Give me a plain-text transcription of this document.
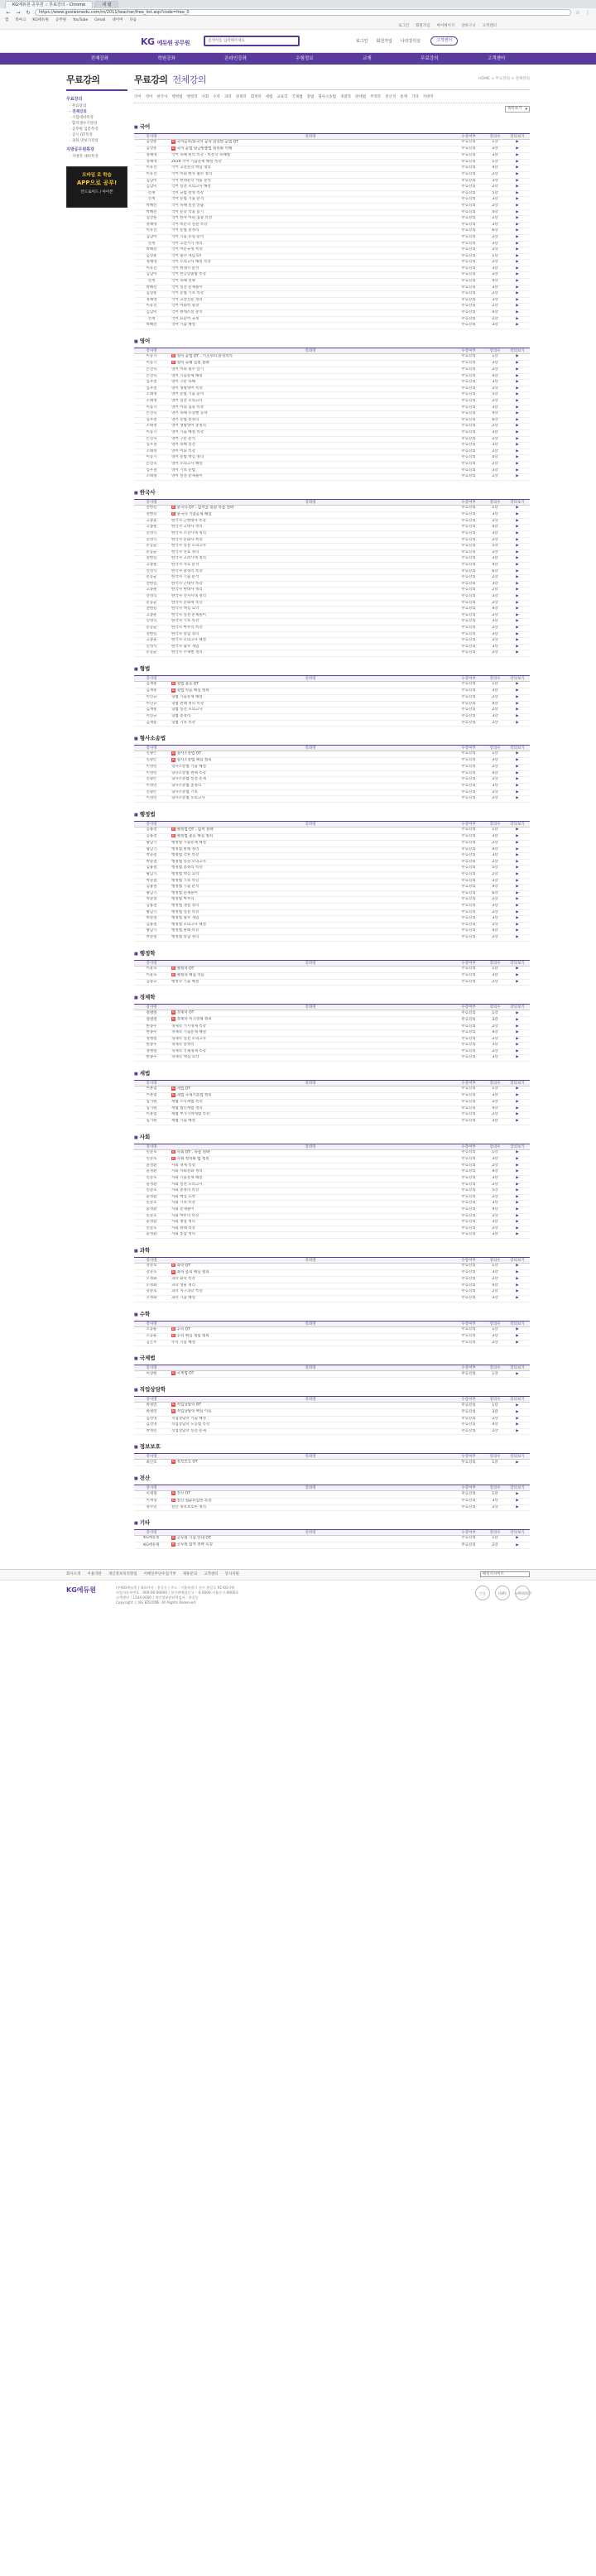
KG에듀원 공무원 :: 무료강의 - Chrome	새 탭
← → ↻	https://www.gosiwonedu.com/m/2011/teacher/free_list.asp?code=free_0	☆ ⋮
앱 북마크 KG에듀원 공무원 YouTube Gmail 네이버 다음
로그인 회원가입 마이페이지 장바구니 고객센터
KG 에듀원 공무원	검색어를 입력해주세요	로그인 회원가입 나의강의실	고객센터
전체강좌	학원강좌	온라인강좌	수험정보	교재	무료강의	고객센터
무료강의
무료강의
· 무료강의
· 전체강의
· 시험대비특강
· 합격생수기영상
· 공무원 입문특강
· 공시 OT특강
· 과목 맛보기강의
지방공무원특강
· 지방직 대비특강
모바일 로 학습
APP으로 공부!
안드로이드 / 아이폰
무료강의 전체강의	HOME > 무료강의 > 전체강의
국어 영어 한국사 행정법 행정학 사회 수학 과학 경제학 회계학 세법 교육학 국제법 형법 형사소송법 경찰학 관세법 무역학 전산직 통계 기타 지방직
목록보기 ▾
■ 국어
강사명	강좌명	수강여부	강의수	강의보기
김상훈	N 국어문학/한국어 문학 완성반 문법 OT	무료강의	1강	▶
김상훈	N 국어 문법 한글맞춤법 원리와 이해	무료강의	2강	▶
정채영	국어 독해 원리 특강 - 비문학 독해법	무료강의	3강	▶
정채영	2019 국어 기출문제 해설 특강	무료강의	1강	▶
이유진	국어 고전문학 핵심 정리	무료강의	4강	▶
이유진	국어 어휘 한자 필수 정리	무료강의	2강	▶
김남미	국어 현대문학 작품 분석	무료강의	3강	▶
김남미	국어 실전 모의고사 해설	무료강의	2강	▶
선재	국어 규범 완성 특강	무료강의	5강	▶
선재	국어 문법 기출 분석	무료강의	3강	▶
박혜선	국어 독해 실전 연습	무료강의	2강	▶
박혜선	국어 문학 작품 읽기	무료강의	4강	▶
김상훈	국어 한자 어휘 집중 특강	무료강의	2강	▶
정채영	국어 비문학 실전 특강	무료강의	3강	▶
이유진	국어 문법 총정리	무료강의	6강	▶
김남미	국어 기출 유형 분석	무료강의	2강	▶
선재	국어 고전시가 정리	무료강의	3강	▶
박혜선	국어 어문규정 특강	무료강의	2강	▶
김상훈	국어 필수 개념 OT	무료강의	1강	▶
정채영	국어 모의고사 해설 특강	무료강의	2강	▶
이유진	국어 현대시 분석	무료강의	3강	▶
김남미	국어 한글맞춤법 특강	무료강의	2강	▶
선재	국어 독해 전략	무료강의	4강	▶
박혜선	국어 실전 문제풀이	무료강의	3강	▶
김상훈	국어 문법 기초 특강	무료강의	2강	▶
정채영	국어 고전산문 정리	무료강의	3강	▶
이유진	국어 어휘력 향상	무료강의	2강	▶
김남미	국어 현대소설 분석	무료강의	4강	▶
선재	국어 표준어 규정	무료강의	2강	▶
박혜선	국어 기출 해설	무료강의	3강	▶
■ 영어
강사명	강좌명	수강여부	강의수	강의보기
이동기	N 영어 문법 OT - 기초부터 완성까지	무료강의	1강	▶
이동기	N 영어 독해 실전 전략	무료강의	3강	▶
손진숙	영어 어휘 필수 암기	무료강의	2강	▶
손진숙	영어 기출문제 해설	무료강의	4강	▶
심우철	영어 구문 독해	무료강의	3강	▶
심우철	영어 생활영어 특강	무료강의	2강	▶
조태정	영어 문법 기출 분석	무료강의	5강	▶
조태정	영어 실전 모의고사	무료강의	2강	▶
이동기	영어 어휘 집중 특강	무료강의	3강	▶
손진숙	영어 독해 유형별 공략	무료강의	4강	▶
심우철	영어 문법 총정리	무료강의	6강	▶
조태정	영어 생활영어 총정리	무료강의	2강	▶
이동기	영어 기출 해설 특강	무료강의	3강	▶
손진숙	영어 구문 분석	무료강의	2강	▶
심우철	영어 독해 실전	무료강의	3강	▶
조태정	영어 어휘 특강	무료강의	2강	▶
이동기	영어 문법 핵심 정리	무료강의	4강	▶
손진숙	영어 모의고사 해설	무료강의	2강	▶
심우철	영어 기초 문법	무료강의	3강	▶
조태정	영어 실전 문제풀이	무료강의	2강	▶
■ 한국사
강사명	강좌명	수강여부	강의수	강의보기
전한길	N 한국사 OT - 합격을 위한 학습 전략	무료강의	1강	▶
전한길	N 한국사 기출문제 해설	무료강의	3강	▶
고종훈	한국사 근현대사 특강	무료강의	2강	▶
고종훈	한국사 고대사 정리	무료강의	4강	▶
신영식	한국사 조선시대 정리	무료강의	3강	▶
신영식	한국사 문화사 특강	무료강의	2강	▶
문동균	한국사 실전 모의고사	무료강의	5강	▶
문동균	한국사 연표 정리	무료강의	2강	▶
전한길	한국사 고려시대 정리	무료강의	3강	▶
고종훈	한국사 사료 분석	무료강의	4강	▶
신영식	한국사 총정리 특강	무료강의	6강	▶
문동균	한국사 기출 분석	무료강의	2강	▶
전한길	한국사 근대사 특강	무료강의	3강	▶
고종훈	한국사 현대사 정리	무료강의	2강	▶
신영식	한국사 선사시대 정리	무료강의	3강	▶
문동균	한국사 문화재 특강	무료강의	2강	▶
전한길	한국사 핵심 요약	무료강의	4강	▶
고종훈	한국사 실전 문제풀이	무료강의	2강	▶
신영식	한국사 기초 특강	무료강의	3강	▶
문동균	한국사 마무리 특강	무료강의	2강	▶
전한길	한국사 통합 정리	무료강의	3강	▶
고종훈	한국사 모의고사 해설	무료강의	2강	▶
신영식	한국사 필수 개념	무료강의	3강	▶
문동균	한국사 주제별 정리	무료강의	2강	▶
■ 형법
강사명	강좌명	수강여부	강의수	강의보기
김재훈	N 형법 총론 OT	무료강의	1강	▶
김재훈	N 형법 각론 핵심 정리	무료강의	3강	▶
이인규	형법 기출문제 해설	무료강의	2강	▶
이인규	형법 판례 정리 특강	무료강의	4강	▶
김재훈	형법 실전 모의고사	무료강의	2강	▶
이인규	형법 총정리	무료강의	3강	▶
김재훈	형법 기초 특강	무료강의	2강	▶
■ 형사소송법
강사명	강좌명	수강여부	강의수	강의보기
신광은	N 형사소송법 OT	무료강의	1강	▶
신광은	N 형사소송법 핵심 정리	무료강의	3강	▶
이영민	형사소송법 기출 해설	무료강의	2강	▶
이영민	형사소송법 판례 특강	무료강의	4강	▶
신광은	형사소송법 실전 문제	무료강의	2강	▶
이영민	형사소송법 총정리	무료강의	3강	▶
신광은	형사소송법 기초	무료강의	2강	▶
이영민	형사소송법 모의고사	무료강의	2강	▶
■ 행정법
강사명	강좌명	수강여부	강의수	강의보기
김용철	N 행정법 OT - 합격 전략	무료강의	1강	▶
김용철	N 행정법 총론 핵심 정리	무료강의	3강	▶
황남기	행정법 기출문제 해설	무료강의	2강	▶
황남기	행정법 판례 정리	무료강의	4강	▶
박준철	행정법 각론 특강	무료강의	3강	▶
박준철	행정법 실전 모의고사	무료강의	2강	▶
김용철	행정법 총정리 특강	무료강의	5강	▶
황남기	행정법 핵심 요약	무료강의	2강	▶
박준철	행정법 기초 특강	무료강의	3강	▶
김용철	행정법 기출 분석	무료강의	4강	▶
황남기	행정법 문제풀이	무료강의	6강	▶
박준철	행정법 마무리	무료강의	2강	▶
김용철	행정법 쟁점 정리	무료강의	3강	▶
황남기	행정법 실전 특강	무료강의	2강	▶
박준철	행정법 필수 개념	무료강의	3강	▶
김용철	행정법 모의고사 해설	무료강의	2강	▶
황남기	행정법 판례 특강	무료강의	4강	▶
박준철	행정법 통합 정리	무료강의	2강	▶
■ 행정학
강사명	강좌명	수강여부	강의수	강의보기
이윤호	N 행정학 OT	무료강의	1강	▶
이윤호	N 행정학 핵심 이론	무료강의	3강	▶
김중규	행정학 기출 해설	무료강의	2강	▶
■ 경제학
강사명	강좌명	수강여부	강의수	강의보기
정병열	N 경제학 OT	무료강의	1강	▶
정병열	N 경제학 미시경제 정리	무료강의	3강	▶
한종우	경제학 거시경제 특강	무료강의	2강	▶
한종우	경제학 기출문제 해설	무료강의	4강	▶
정병열	경제학 실전 모의고사	무료강의	2강	▶
한종우	경제학 총정리	무료강의	3강	▶
정병열	경제학 국제경제 특강	무료강의	2강	▶
한종우	경제학 핵심 요약	무료강의	3강	▶
■ 세법
강사명	강좌명	수강여부	강의수	강의보기
이훈엽	N 세법 OT	무료강의	1강	▶
이훈엽	N 세법 국세기본법 정리	무료강의	3강	▶
임기원	세법 소득세법 특강	무료강의	2강	▶
임기원	세법 법인세법 정리	무료강의	4강	▶
이훈엽	세법 부가가치세법 특강	무료강의	2강	▶
임기원	세법 기출 해설	무료강의	3강	▶
■ 사회
강사명	강좌명	수강여부	강의수	강의보기
민준호	N 사회 OT - 학습 전략	무료강의	1강	▶
민준호	N 사회 정치와 법 정리	무료강의	3강	▶
윤성환	사회 경제 특강	무료강의	2강	▶
윤성환	사회 사회문화 정리	무료강의	4강	▶
민준호	사회 기출문제 해설	무료강의	3강	▶
윤성환	사회 실전 모의고사	무료강의	2강	▶
민준호	사회 총정리 특강	무료강의	5강	▶
윤성환	사회 핵심 요약	무료강의	2강	▶
민준호	사회 기초 특강	무료강의	3강	▶
윤성환	사회 문제풀이	무료강의	4강	▶
민준호	사회 마무리 특강	무료강의	2강	▶
윤성환	사회 쟁점 정리	무료강의	3강	▶
민준호	사회 판례 특강	무료강의	2강	▶
윤성환	사회 통합 정리	무료강의	3강	▶
■ 과학
강사명	강좌명	수강여부	강의수	강의보기
강준호	N 과학 OT	무료강의	1강	▶
강준호	N 과학 물리 핵심 정리	무료강의	3강	▶
오정화	과학 화학 특강	무료강의	2강	▶
오정화	과학 생물 정리	무료강의	4강	▶
강준호	과학 지구과학 특강	무료강의	2강	▶
오정화	과학 기출 해설	무료강의	3강	▶
■ 수학
강사명	강좌명	수강여부	강의수	강의보기
조동운	N 수학 OT	무료강의	1강	▶
조동운	N 수학 핵심 개념 정리	무료강의	3강	▶
김은주	수학 기출 해설	무료강의	2강	▶
■ 국제법
강사명	강좌명	수강여부	강의수	강의보기
이상현	N 국제법 OT	무료강의	1강	▶
■ 직업상담학
강사명	강좌명	수강여부	강의수	강의보기
박정민	N 직업상담학 OT	무료강의	1강	▶
박정민	N 직업상담학 핵심 이론	무료강의	3강	▶
김선영	직업상담학 기출 해설	무료강의	2강	▶
김선영	직업상담학 노동법 특강	무료강의	4강	▶
박정민	직업상담학 실전 문제	무료강의	2강	▶
■ 정보보호
강사명	강좌명	수강여부	강의수	강의보기
최인호	N 정보보호 OT	무료강의	1강	▶
■ 전산
강사명	강좌명	수강여부	강의수	강의보기
이재형	N 전산 OT	무료강의	1강	▶
이재형	N 전산 컴퓨터일반 특강	무료강의	3강	▶
정수연	전산 정보보호론 정리	무료강의	2강	▶
■ 기타
강사명	강좌명	수강여부	강의수	강의보기
KG에듀원	N 공무원 시험 안내 OT	무료강의	1강	▶
KG에듀원	N 공무원 합격 전략 특강	무료강의	2강	▶
회사소개 이용약관 개인정보처리방침 이메일무단수집거부 제휴문의 고객센터 강사지원	패밀리사이트
KG에듀원	(주)KG에듀원 | 대표이사 : 홍길동 | 주소 : 서울특별시 중구 통일로 92 KG타워
사업자등록번호 : 000-00-00000 | 통신판매업신고 : 제 0000-서울중구-0000호
고객센터 : 1544-0000 | 개인정보관리책임자 : 홍길동
Copyright ⓒ KG EDUONE. All Rights Reserved.
인증	ISMS	ePRIVACY
